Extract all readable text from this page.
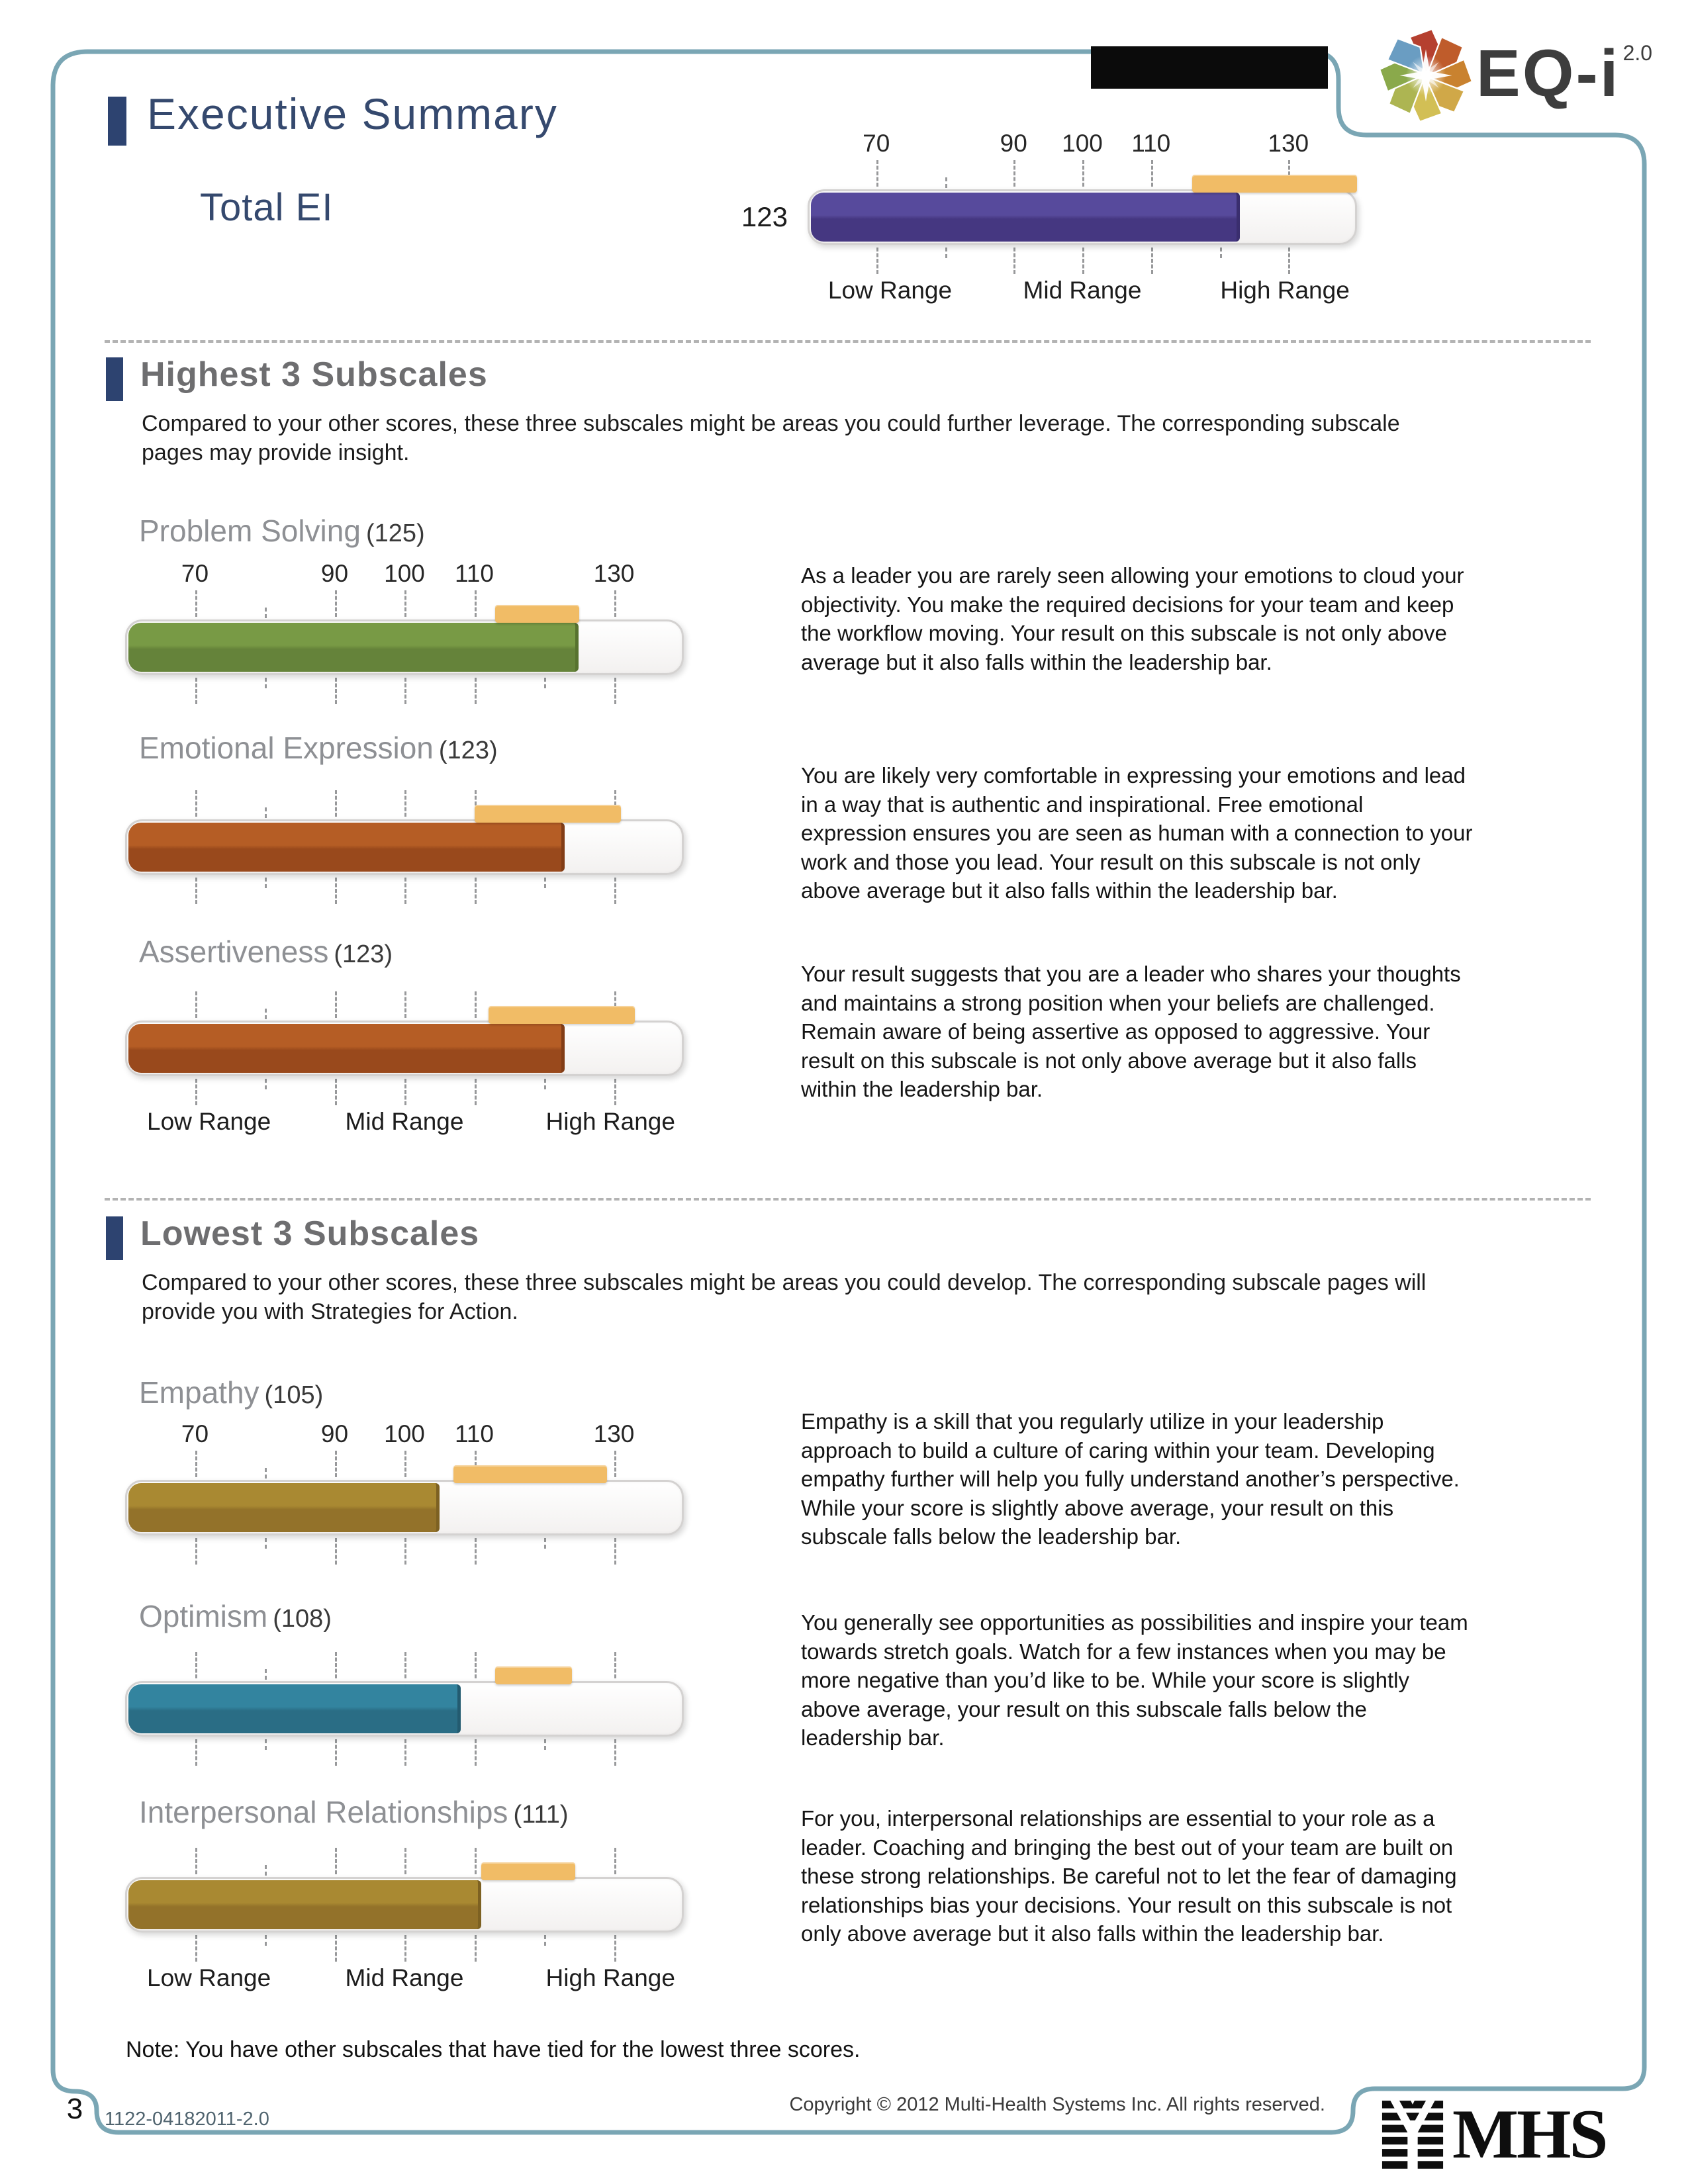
Executive Summary
Total EI
EQ-i 2.0
70	90 100 110	130
123
Low Range	Mid Range	High Range
Highest 3 Subscales
Compared to your other scores, these three subscales might be areas you could further leverage. The corresponding subscale pages may provide insight.
Problem Solving (125)
70	90 100 110	130	As a leader you are rarely seen allowing your emotions to cloud your objectivity. You make the required decisions for your team and keep the workflow moving. Your result on this subscale is not only above average but it also falls within the leadership bar.
Emotional Expression (123)
You are likely very comfortable in expressing your emotions and lead in a way that is authentic and inspirational. Free emotional expression ensures you are seen as human with a connection to your work and those you lead. Your result on this subscale is not only above average but it also falls within the leadership bar.
Assertiveness (123)
Low Range	Mid Range	High Range
Your result suggests that you are a leader who shares your thoughts and maintains a strong position when your beliefs are challenged. Remain aware of being assertive as opposed to aggressive. Your result on this subscale is not only above average but it also falls within the leadership bar.
Lowest 3 Subscales
Compared to your other scores, these three subscales might be areas you could develop. The corresponding subscale pages will provide you with Strategies for Action.
Empathy (105)
70	90 100 110	130	Empathy is a skill that you regularly utilize in your leadership approach to build a culture of caring within your team. Developing empathy further will help you fully understand another’s perspective. While your score is slightly above average, your result on this subscale falls below the leadership bar.
Optimism (108)	You generally see opportunities as possibilities and inspire your team towards stretch goals. Watch for a few instances when you may be more negative than you’d like to be. While your score is slightly above average, your result on this subscale falls below the leadership bar.
Interpersonal Relationships (111)
Low Range	Mid Range	High Range
For you, interpersonal relationships are essential to your role as a leader. Coaching and bringing the best out of your team are built on these strong relationships. Be careful not to let the fear of damaging relationships bias your decisions. Your result on this subscale is not only above average but it also falls within the leadership bar.
Note: You have other subscales that have tied for the lowest three scores.
3	1122-04182011-2.0
Copyright © 2012 Multi-Health Systems Inc. All rights reserved. MHS
